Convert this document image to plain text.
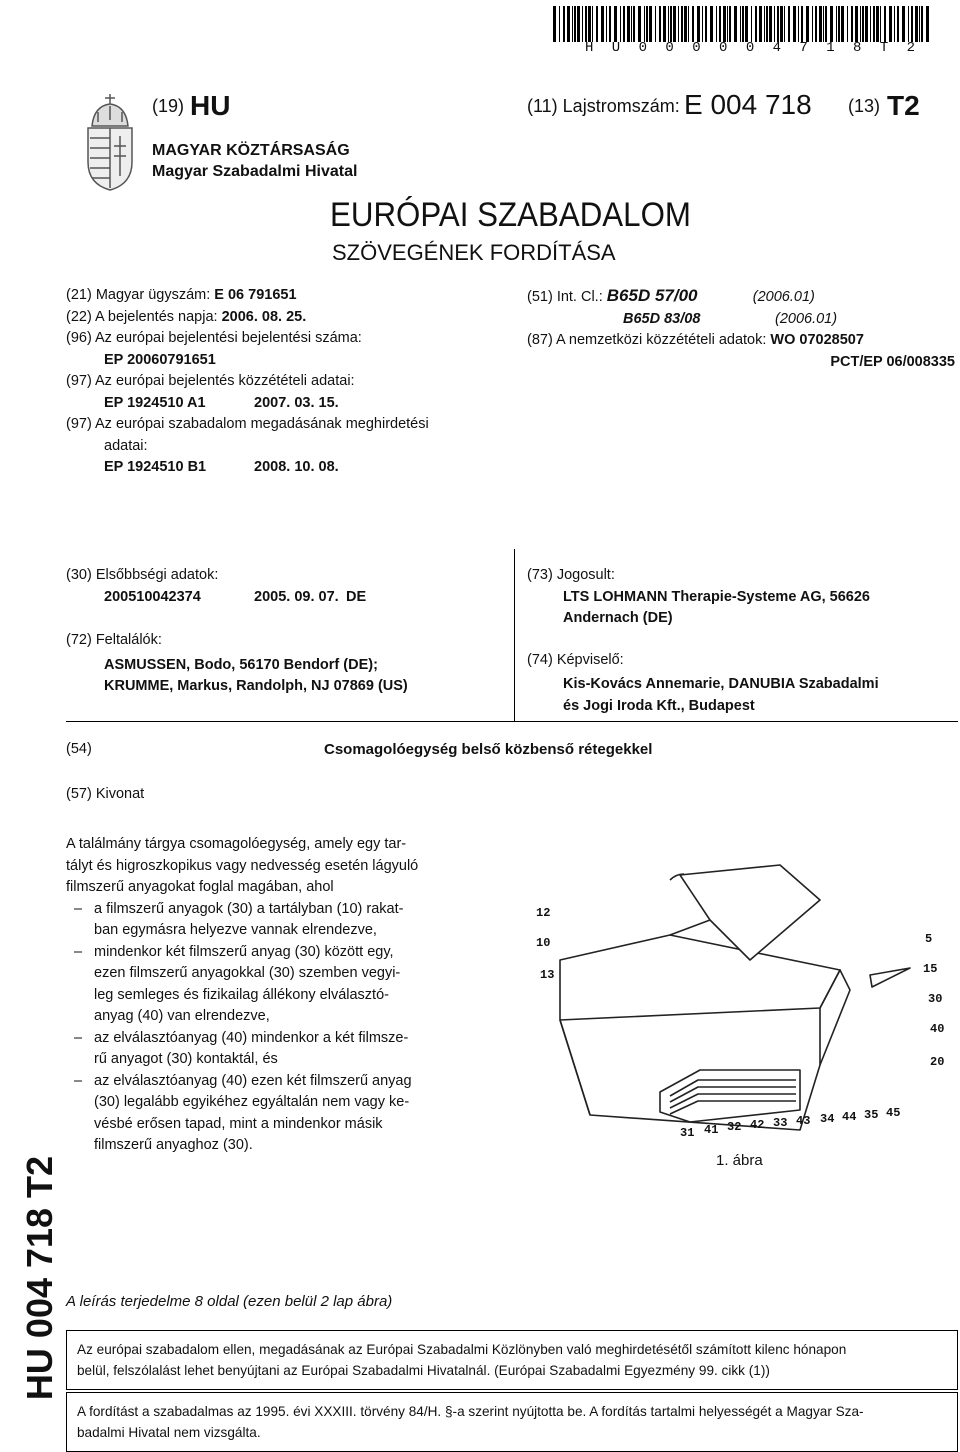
H U 0 0 0 0 0 4 7 1 8 T 2
(19) HU	(11) Lajstromszám: E 004 718 (13) T2
MAGYAR KÖZTÁRSASÁG
Magyar Szabadalmi Hivatal
EURÓPAI SZABADALOM
SZÖVEGÉNEK FORDÍTÁSA
(21) Magyar ügyszám: E 06 791651
(22) A bejelentés napja: 2006. 08. 25.
(96) Az európai bejelentési bejelentési száma:
EP 20060791651
(97) Az európai bejelentés közzétételi adatai:
EP 1924510 A1	2007. 03. 15.
(97) Az európai szabadalom megadásának meghirdetési
adatai:
EP 1924510 B1	2008. 10. 08.
(51) Int. Cl.: B65D 57/00	(2006.01)
B65D 83/08	(2006.01)
(87) A nemzetközi közzétételi adatok: WO 07028507
PCT/EP 06/008335
(30) Elsőbbségi adatok:
200510042374	2005. 09. 07. DE
(72) Feltalálók:
ASMUSSEN, Bodo, 56170 Bendorf (DE);
KRUMME, Markus, Randolph, NJ 07869 (US)
(73) Jogosult:
LTS LOHMANN Therapie-Systeme AG, 56626
Andernach (DE)
(74) Képviselő:
Kis-Kovács Annemarie, DANUBIA Szabadalmi
és Jogi Iroda Kft., Budapest
(54)	Csomagolóegység belső közbenső rétegekkel
(57) Kivonat

A találmány tárgya csomagolóegység, amely egy tar-

tályt és higroszkopikus vagy nedvesség esetén lágyuló

filmszerű anyagokat foglal magában, ahol

– a filmszerű anyagok (30) a tartályban (10) rakat-

ban egymásra helyezve vannak elrendezve,

– mindenkor két filmszerű anyag (30) között egy,

ezen filmszerű anyagokkal (30) szemben vegyi-

leg semleges és fizikailag állékony elválasztó-

anyag (40) van elrendezve,

– az elválasztóanyag (40) mindenkor a két filmsze-

rű anyagot (30) kontaktál, és

– az elválasztóanyag (40) ezen két filmszerű anyag

(30) legalább egyikéhez egyáltalán nem vagy ke-

vésbé erősen tapad, mint a mindenkor másik

filmszerű anyaghoz (30).

12
10
13
5
15
30
40
20
31 41 32 42 33 43 34 44 35 45
1. ábra
HU 004 718 T2 A leírás terjedelme 8 oldal (ezen belül 2 lap ábra)
Az európai szabadalom ellen, megadásának az Európai Szabadalmi Közlönyben való meghirdetésétől számított kilenc hónapon
belül, felszólalást lehet benyújtani az Európai Szabadalmi Hivatalnál. (Európai Szabadalmi Egyezmény 99. cikk (1))
A fordítást a szabadalmas az 1995. évi XXXIII. törvény 84/H. §-a szerint nyújtotta be. A fordítás tartalmi helyességét a Magyar Sza-
badalmi Hivatal nem vizsgálta.
